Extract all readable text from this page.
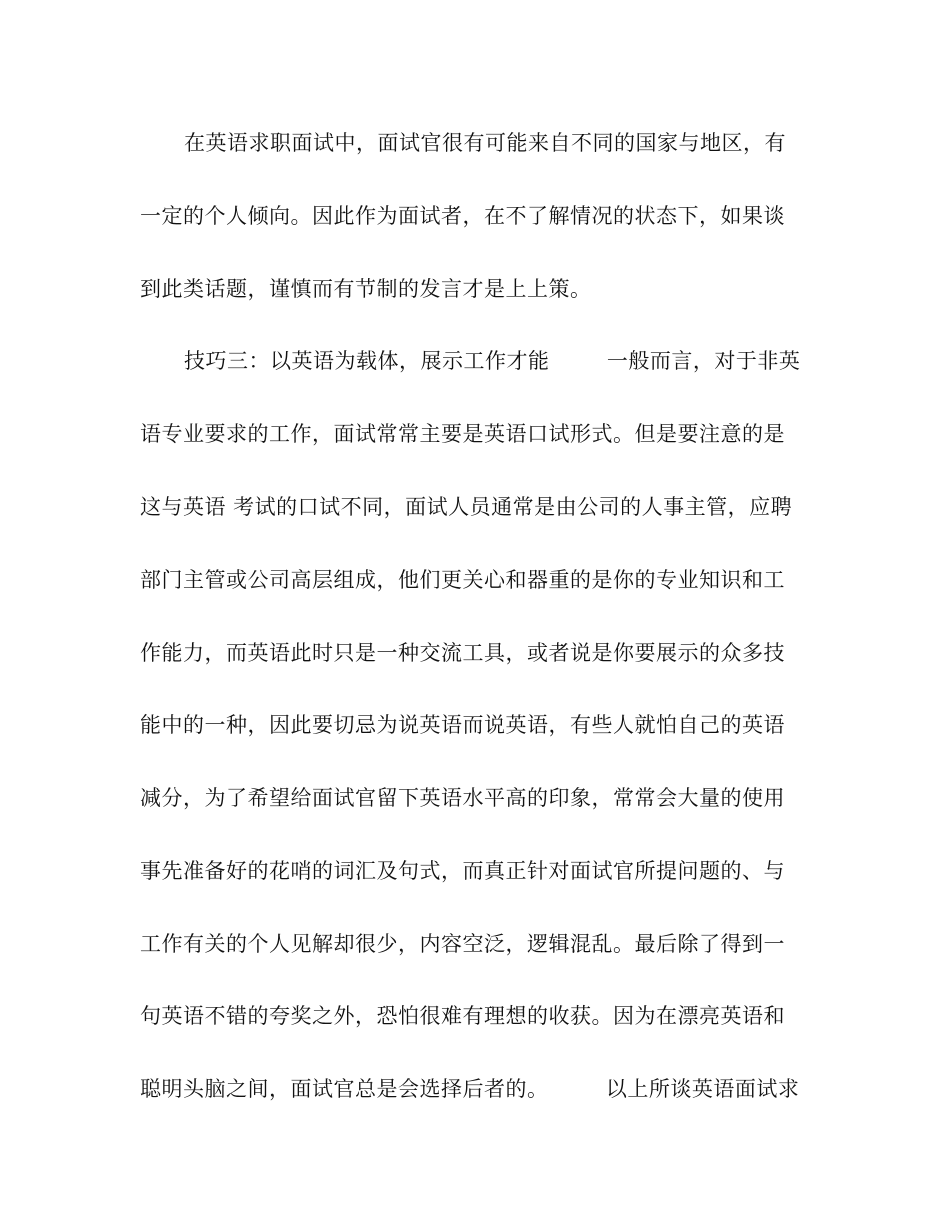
在英语求职面试中，面试官很有可能来自不同的国家与地区，有
一定的个人倾向。因此作为面试者，在不了解情况的状态下，如果谈
到此类话题，谨慎而有节制的发言才是上上策。
技巧三：以英语为载体，展示工作才能        一般而言，对于非英
语专业要求的工作，面试常常主要是英语口试形式。但是要注意的是
这与英语 考试的口试不同，面试人员通常是由公司的人事主管，应聘
部门主管或公司高层组成，他们更关心和器重的是你的专业知识和工
作能力，而英语此时只是一种交流工具，或者说是你要展示的众多技
能中的一种，因此要切忌为说英语而说英语，有些人就怕自己的英语
减分，为了希望给面试官留下英语水平高的印象，常常会大量的使用
事先准备好的花哨的词汇及句式，而真正针对面试官所提问题的、与
工作有关的个人见解却很少，内容空泛，逻辑混乱。最后除了得到一
句英语不错的夸奖之外，恐怕很难有理想的收获。因为在漂亮英语和
聪明头脑之间，面试官总是会选择后者的。        以上所谈英语面试求
